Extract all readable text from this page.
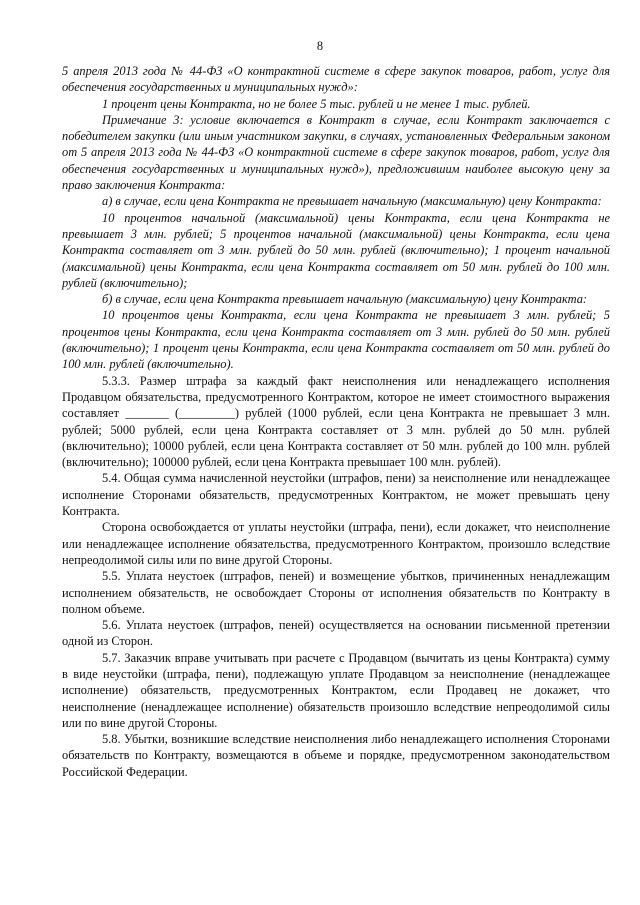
8

5 апреля 2013 года № 44-ФЗ «О контрактной системе в сфере закупок товаров, работ, услуг для обеспечения государственных и муниципальных нужд»:

1 процент цены Контракта, но не более 5 тыс. рублей и не менее 1 тыс. рублей.

Примечание 3: условие включается в Контракт в случае, если Контракт заключается с победителем закупки (или иным участником закупки, в случаях, установленных Федеральным законом от 5 апреля 2013 года № 44-ФЗ «О контрактной системе в сфере закупок товаров, работ, услуг для обеспечения государственных и муниципальных нужд»), предложившим наиболее высокую цену за право заключения Контракта:

а) в случае, если цена Контракта не превышает начальную (максимальную) цену Контракта:

10 процентов начальной (максимальной) цены Контракта, если цена Контракта не превышает 3 млн. рублей; 5 процентов начальной (максимальной) цены Контракта, если цена Контракта составляет от 3 млн. рублей до 50 млн. рублей (включительно); 1 процент начальной (максимальной) цены Контракта, если цена Контракта составляет от 50 млн. рублей до 100 млн. рублей (включительно);

б) в случае, если цена Контракта превышает начальную (максимальную) цену Контракта:

10 процентов цены Контракта, если цена Контракта не превышает 3 млн. рублей; 5 процентов цены Контракта, если цена Контракта составляет от 3 млн. рублей до 50 млн. рублей (включительно); 1 процент цены Контракта, если цена Контракта составляет от 50 млн. рублей до 100 млн. рублей (включительно).

5.3.3. Размер штрафа за каждый факт неисполнения или ненадлежащего исполнения Продавцом обязательства, предусмотренного Контрактом, которое не имеет стоимостного выражения составляет _______ (_________) рублей (1000 рублей, если цена Контракта не превышает 3 млн. рублей; 5000 рублей, если цена Контракта составляет от 3 млн. рублей до 50 млн. рублей (включительно); 10000 рублей, если цена Контракта составляет от 50 млн. рублей до 100 млн. рублей (включительно); 100000 рублей, если цена Контракта превышает 100 млн. рублей).

5.4. Общая сумма начисленной неустойки (штрафов, пени) за неисполнение или ненадлежащее исполнение Сторонами обязательств, предусмотренных Контрактом, не может превышать цену Контракта.

Сторона освобождается от уплаты неустойки (штрафа, пени), если докажет, что неисполнение или ненадлежащее исполнение обязательства, предусмотренного Контрактом, произошло вследствие непреодолимой силы или по вине другой Стороны.

5.5. Уплата неустоек (штрафов, пеней) и возмещение убытков, причиненных ненадлежащим исполнением обязательств, не освобождает Стороны от исполнения обязательств по Контракту в полном объеме.

5.6. Уплата неустоек (штрафов, пеней) осуществляется на основании письменной претензии одной из Сторон.

5.7. Заказчик вправе учитывать при расчете с Продавцом (вычитать из цены Контракта) сумму в виде неустойки (штрафа, пени), подлежащую уплате Продавцом за неисполнение (ненадлежащее исполнение) обязательств, предусмотренных Контрактом, если Продавец не докажет, что неисполнение (ненадлежащее исполнение) обязательств произошло вследствие непреодолимой силы или по вине другой Стороны.

5.8. Убытки, возникшие вследствие неисполнения либо ненадлежащего исполнения Сторонами обязательств по Контракту, возмещаются в объеме и порядке, предусмотренном законодательством Российской Федерации.
